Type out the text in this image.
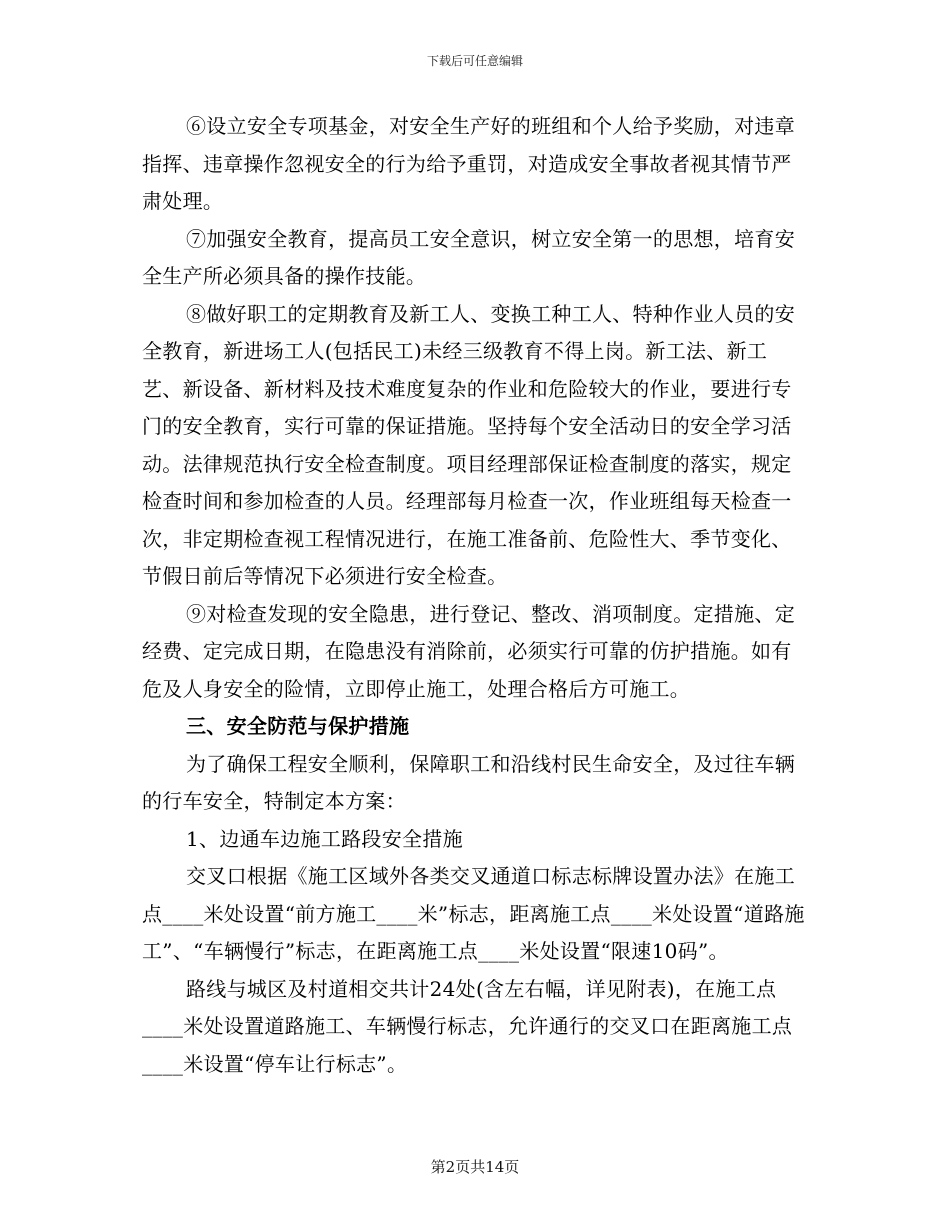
下载后可任意编辑

⑥设立安全专项基金，对安全生产好的班组和个人给予奖励，对违章指挥、违章操作忽视安全的行为给予重罚，对造成安全事故者视其情节严肃处理。

⑦加强安全教育，提高员工安全意识，树立安全第一的思想，培育安全生产所必须具备的操作技能。

⑧做好职工的定期教育及新工人、变换工种工人、特种作业人员的安全教育，新进场工人(包括民工)未经三级教育不得上岗。新工法、新工艺、新设备、新材料及技术难度复杂的作业和危险较大的作业，要进行专门的安全教育，实行可靠的保证措施。坚持每个安全活动日的安全学习活动。法律规范执行安全检查制度。项目经理部保证检查制度的落实，规定检查时间和参加检查的人员。经理部每月检查一次，作业班组每天检查一次，非定期检查视工程情况进行，在施工准备前、危险性大、季节变化、节假日前后等情况下必须进行安全检查。

⑨对检查发现的安全隐患，进行登记、整改、消项制度。定措施、定经费、定完成日期，在隐患没有消除前，必须实行可靠的仿护措施。如有危及人身安全的险情，立即停止施工，处理合格后方可施工。

三、安全防范与保护措施

为了确保工程安全顺利，保障职工和沿线村民生命安全，及过往车辆的行车安全，特制定本方案：

1、边通车边施工路段安全措施

交叉口根据《施工区域外各类交叉通道口标志标牌设置办法》在施工点____米处设置“前方施工____米”标志，距离施工点____米处设置“道路施工”、“车辆慢行”标志，在距离施工点____米处设置“限速10码”。

路线与城区及村道相交共计24处(含左右幅，详见附表)，在施工点____米处设置道路施工、车辆慢行标志，允许通行的交叉口在距离施工点____米设置“停车让行标志”。

第2页共14页
